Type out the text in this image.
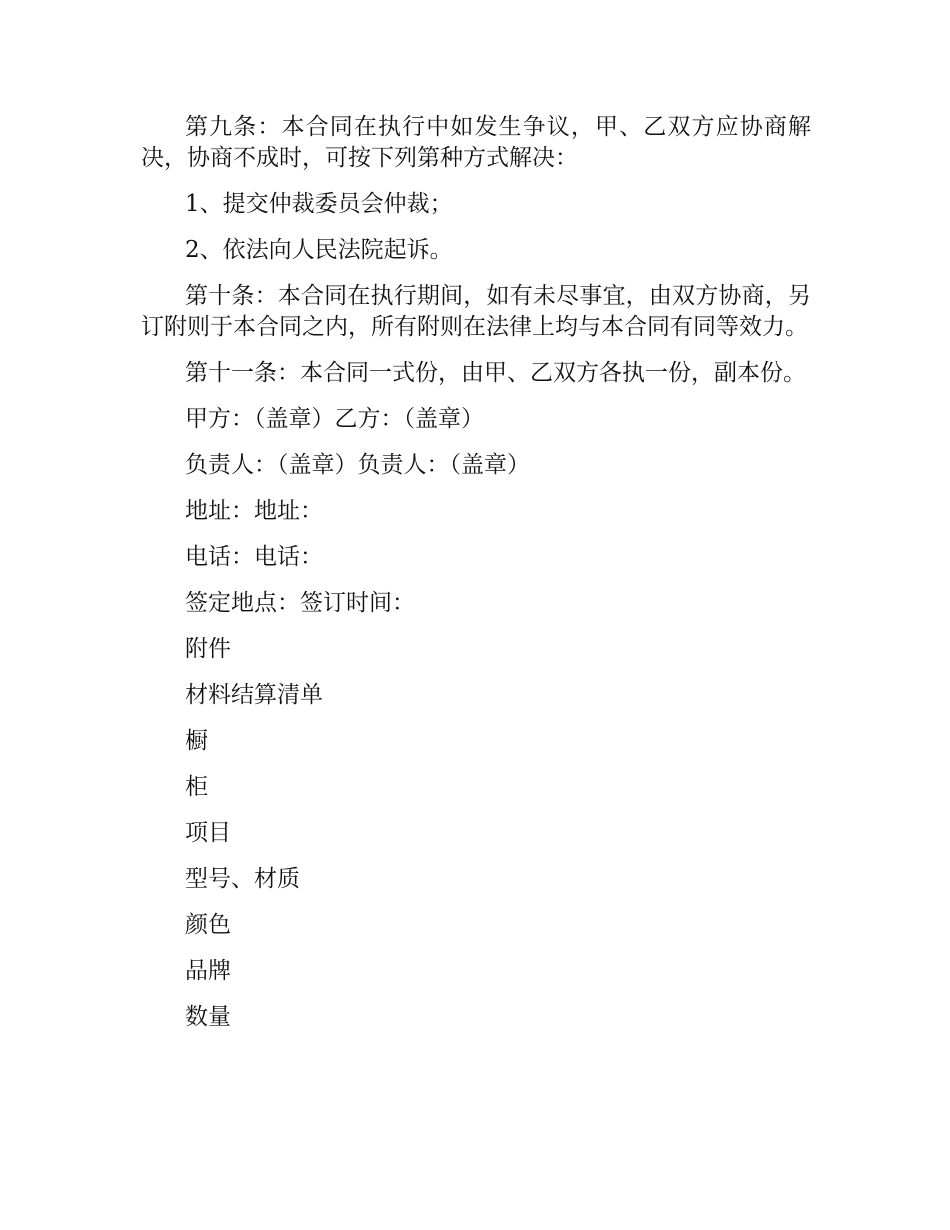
第九条：本合同在执行中如发生争议，甲、乙双方应协商解决，协商不成时，可按下列第种方式解决：

1、提交仲裁委员会仲裁；

2、依法向人民法院起诉。

第十条：本合同在执行期间，如有未尽事宜，由双方协商，另订附则于本合同之内，所有附则在法律上均与本合同有同等效力。

第十一条：本合同一式份，由甲、乙双方各执一份，副本份。

甲方：（盖章）乙方：（盖章）

负责人：（盖章）负责人：（盖章）

地址：地址：

电话：电话：

签定地点：签订时间：

附件

材料结算清单

橱

柜

项目

型号、材质

颜色

品牌

数量
